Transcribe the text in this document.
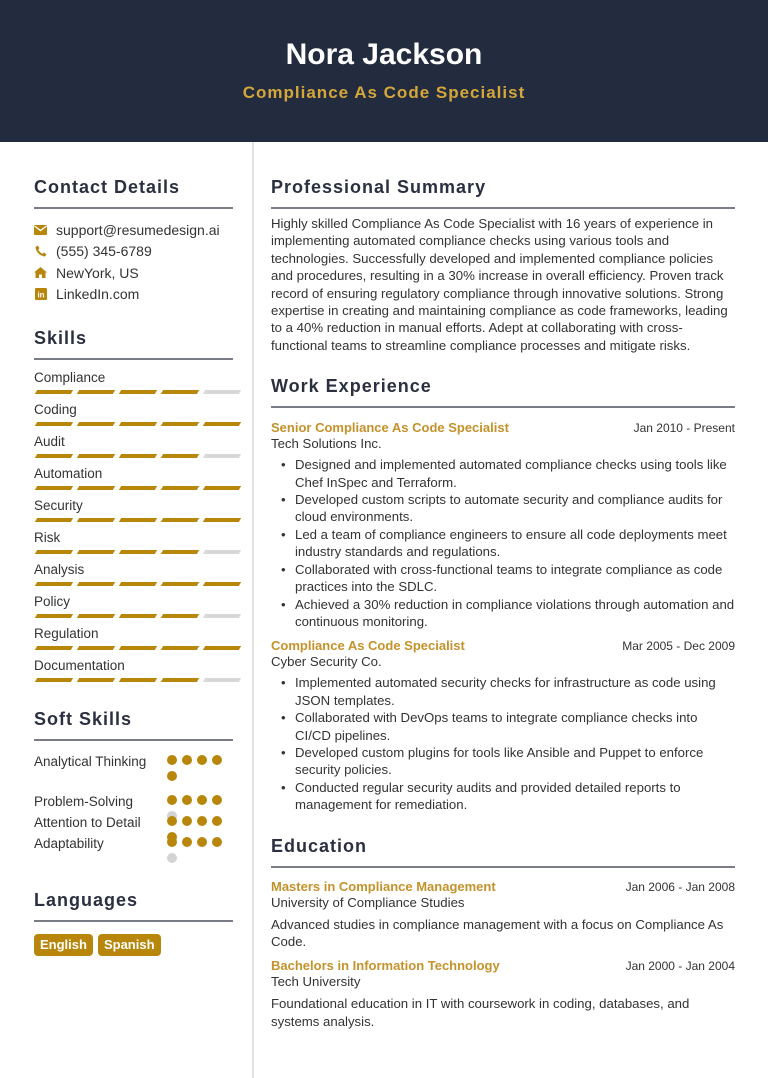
Nora Jackson
Compliance As Code Specialist
Contact Details
support@resumedesign.ai
(555) 345-6789
NewYork, US
in LinkedIn.com
Skills
Compliance
Coding
Audit
Automation
Security
Risk
Analysis
Policy
Regulation
Documentation
Soft Skills
Analytical Thinking
Problem-Solving
Attention to Detail
Adaptability
Languages
English	Spanish
Professional Summary
Highly skilled Compliance As Code Specialist with 16 years of experience in implementing automated compliance checks using various tools and technologies. Successfully developed and implemented compliance policies and procedures, resulting in a 30% increase in overall efficiency. Proven track record of ensuring regulatory compliance through innovative solutions. Strong expertise in creating and maintaining compliance as code frameworks, leading to a 40% reduction in manual efforts. Adept at collaborating with cross-functional teams to streamline compliance processes and mitigate risks.
Work Experience
Senior Compliance As Code Specialist	Jan 2010 - Present
Tech Solutions Inc.
• Designed and implemented automated compliance checks using tools like Chef InSpec and Terraform.
• Developed custom scripts to automate security and compliance audits for cloud environments.
• Led a team of compliance engineers to ensure all code deployments meet industry standards and regulations.
• Collaborated with cross-functional teams to integrate compliance as code practices into the SDLC.
• Achieved a 30% reduction in compliance violations through automation and continuous monitoring.
Compliance As Code Specialist	Mar 2005 - Dec 2009
Cyber Security Co.
• Implemented automated security checks for infrastructure as code using JSON templates.
• Collaborated with DevOps teams to integrate compliance checks into CI/CD pipelines.
• Developed custom plugins for tools like Ansible and Puppet to enforce security policies.
• Conducted regular security audits and provided detailed reports to management for remediation.
Education
Masters in Compliance Management	Jan 2006 - Jan 2008
University of Compliance Studies
Advanced studies in compliance management with a focus on Compliance As Code.
Bachelors in Information Technology	Jan 2000 - Jan 2004
Tech University
Foundational education in IT with coursework in coding, databases, and systems analysis.
